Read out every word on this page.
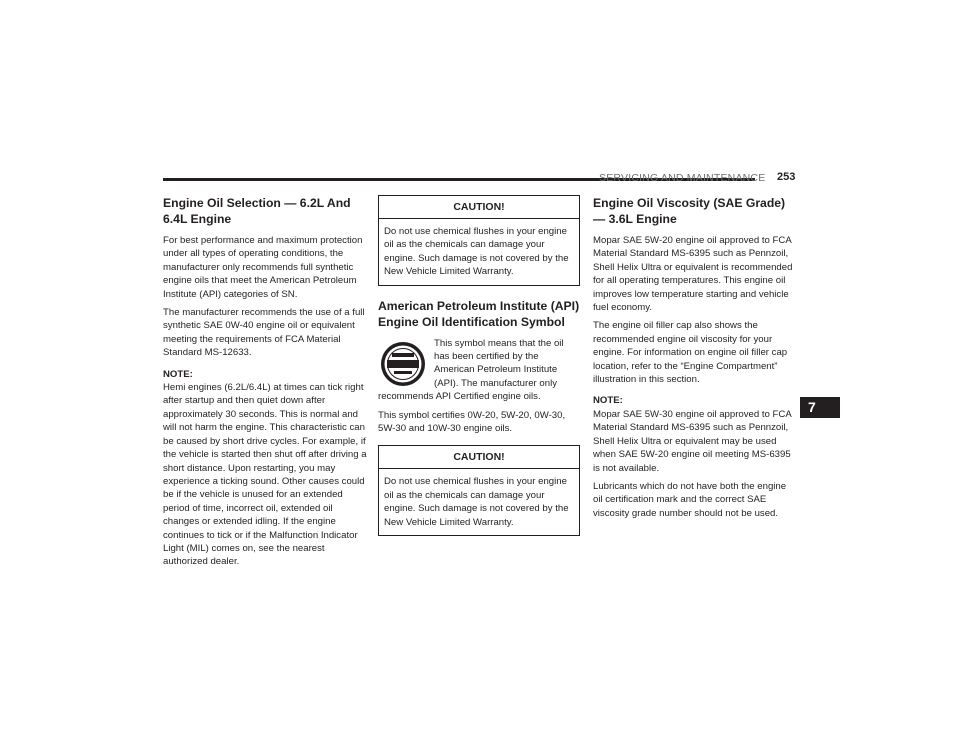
SERVICING AND MAINTENANCE 253
Engine Oil Selection — 6.2L And 6.4L Engine

For best performance and maximum protection under all types of operating conditions, the manufacturer only recommends full synthetic engine oils that meet the American Petroleum Institute (API) categories of SN.

The manufacturer recommends the use of a full synthetic SAE 0W-40 engine oil or equivalent meeting the requirements of FCA Material Standard MS-12633.

NOTE:

Hemi engines (6.2L/6.4L) at times can tick right after startup and then quiet down after approximately 30 seconds. This is normal and will not harm the engine. This characteristic can be caused by short drive cycles. For example, if the vehicle is started then shut off after driving a short distance. Upon restarting, you may experience a ticking sound. Other causes could be if the vehicle is unused for an extended period of time, incorrect oil, extended oil changes or extended idling. If the engine continues to tick or if the Malfunction Indicator Light (MIL) comes on, see the nearest authorized dealer.

CAUTION!
Do not use chemical flushes in your engine oil as the chemicals can damage your engine. Such damage is not covered by the New Vehicle Limited Warranty.
American Petroleum Institute (API) Engine Oil Identification Symbol

This symbol means that the oil has been certified by the American Petroleum Institute (API). The manufacturer only recommends API Certified engine oils.

This symbol certifies 0W-20, 5W-20, 0W-30, 5W-30 and 10W-30 engine oils.

CAUTION!
Do not use chemical flushes in your engine oil as the chemicals can damage your engine. Such damage is not covered by the New Vehicle Limited Warranty.
Engine Oil Viscosity (SAE Grade) — 3.6L Engine

Mopar SAE 5W-20 engine oil approved to FCA Material Standard MS-6395 such as Pennzoil, Shell Helix Ultra or equivalent is recommended for all operating temperatures. This engine oil improves low temperature starting and vehicle fuel economy.

The engine oil filler cap also shows the recommended engine oil viscosity for your engine. For information on engine oil filler cap location, refer to the “Engine Compartment” illustration in this section.

NOTE:

Mopar SAE 5W-30 engine oil approved to FCA Material Standard MS-6395 such as Pennzoil, Shell Helix Ultra or equivalent may be used when SAE 5W-20 engine oil meeting MS-6395 is not available.

Lubricants which do not have both the engine oil certification mark and the correct SAE viscosity grade number should not be used.

7
